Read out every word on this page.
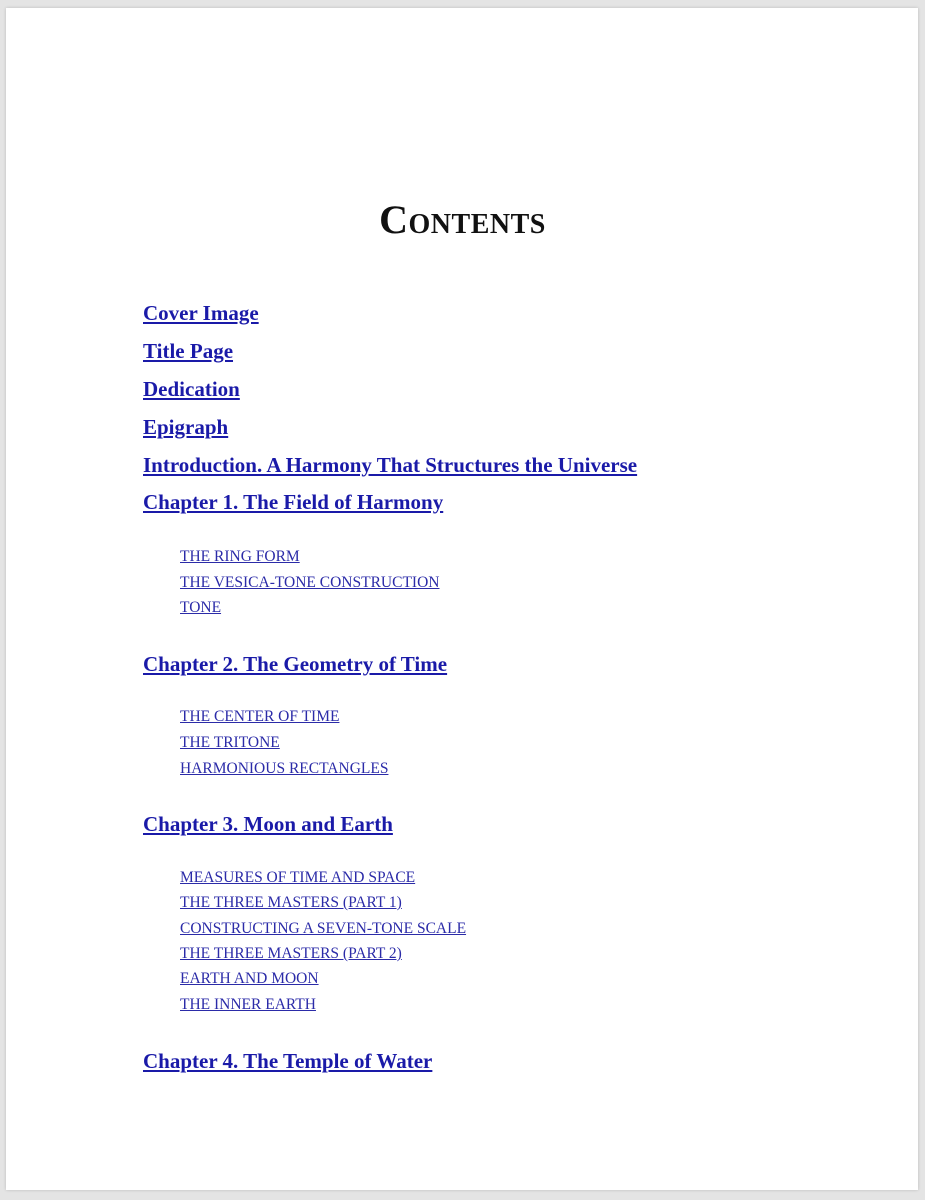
Contents
Cover Image
Title Page
Dedication
Epigraph
Introduction. A Harmony That Structures the Universe
Chapter 1. The Field of Harmony
THE RING FORM
THE VESICA-TONE CONSTRUCTION
TONE
Chapter 2. The Geometry of Time
THE CENTER OF TIME
THE TRITONE
HARMONIOUS RECTANGLES
Chapter 3. Moon and Earth
MEASURES OF TIME AND SPACE
THE THREE MASTERS (PART 1)
CONSTRUCTING A SEVEN-TONE SCALE
THE THREE MASTERS (PART 2)
EARTH AND MOON
THE INNER EARTH
Chapter 4. The Temple of Water
